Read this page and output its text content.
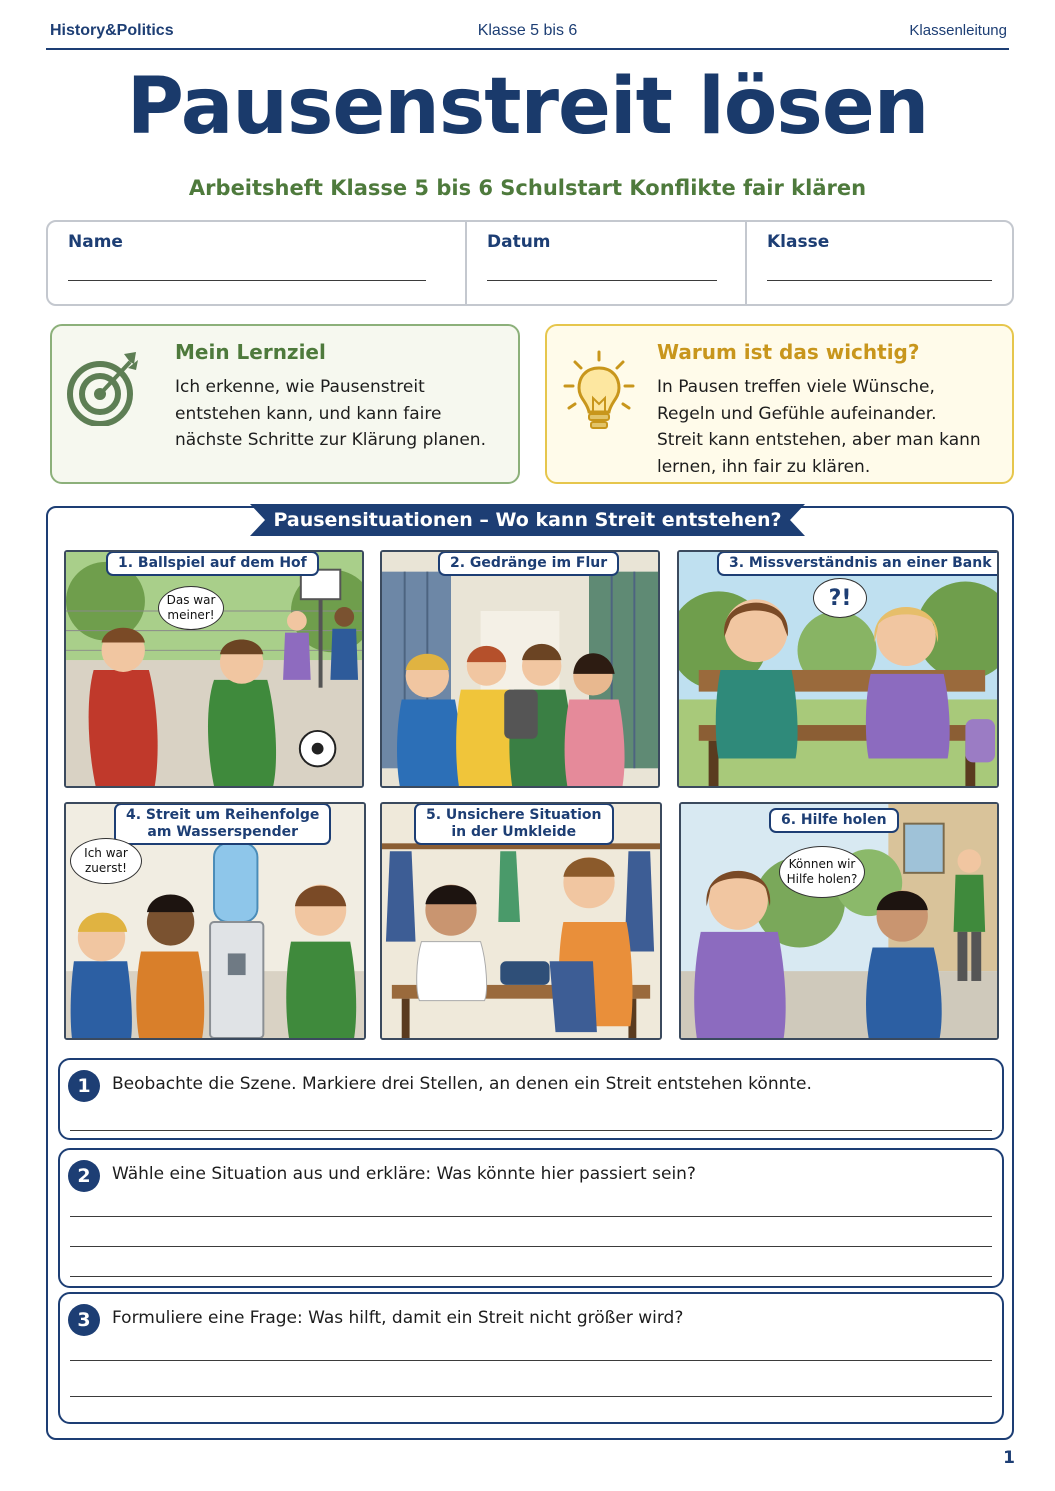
History&Politics	Klasse 5 bis 6	Klassenleitung
Pausenstreit lösen
Arbeitsheft Klasse 5 bis 6 Schulstart Konflikte fair klären
Name	Datum	Klasse
Mein Lernziel
Ich erkenne, wie Pausenstreit
entstehen kann, und kann faire
nächste Schritte zur Klärung planen.
Warum ist das wichtig?
In Pausen treffen viele Wünsche,
Regeln und Gefühle aufeinander.
Streit kann entstehen, aber man kann
lernen, ihn fair zu klären.
Pausensituationen – Wo kann Streit entstehen?
1. Ballspiel auf dem Hof
Das war
meiner!
2. Gedränge im Flur	3. Missverständnis an einer Bank
?!
4. Streit um Reihenfolge
am Wasserspender
Ich war
zuerst!
5. Unsichere Situation
in der Umkleide
6. Hilfe holen
Können wir
Hilfe holen?
1	Beobachte die Szene. Markiere drei Stellen, an denen ein Streit entstehen könnte.
2	Wähle eine Situation aus und erkläre: Was könnte hier passiert sein?
3	Formuliere eine Frage: Was hilft, damit ein Streit nicht größer wird?
1
